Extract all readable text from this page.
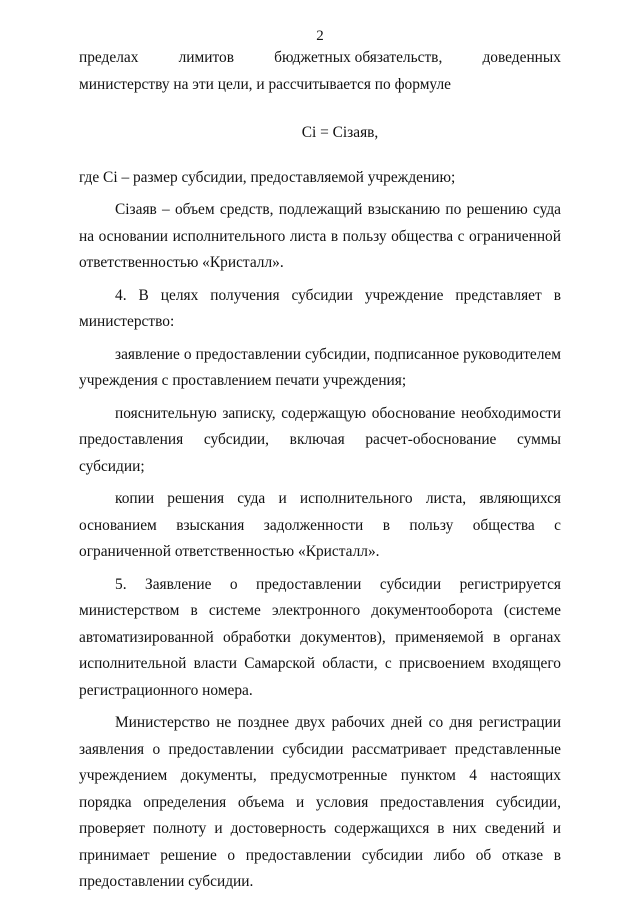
2
пределах	лимитов	бюджетных обязательств,	доведенных

министерству на эти цели, и рассчитывается по формуле

Ci = Ciзаяв,

где Ci – размер субсидии, предоставляемой учреждению;

Ciзаяв – объем средств, подлежащий взысканию по решению суда на основании исполнительного листа в пользу общества с ограниченной ответственностью «Кристалл».

4. В целях получения субсидии учреждение представляет в министерство:

заявление о предоставлении субсидии, подписанное руководителем учреждения с проставлением печати учреждения;

пояснительную записку, содержащую обоснование необходимости предоставления субсидии, включая расчет-обоснование суммы субсидии;

копии решения суда и исполнительного листа, являющихся основанием взыскания задолженности в пользу общества с ограниченной ответственностью «Кристалл».

5. Заявление о предоставлении субсидии регистрируется министерством в системе электронного документооборота (системе автоматизированной обработки документов), применяемой в органах исполнительной власти Самарской области, с присвоением входящего регистрационного номера.

Министерство не позднее двух рабочих дней со дня регистрации заявления о предоставлении субсидии рассматривает представленные учреждением документы, предусмотренные пунктом 4 настоящих порядка определения объема и условия предоставления субсидии, проверяет полноту и достоверность содержащихся в них сведений и принимает решение о предоставлении субсидии либо об отказе в предоставлении субсидии.
